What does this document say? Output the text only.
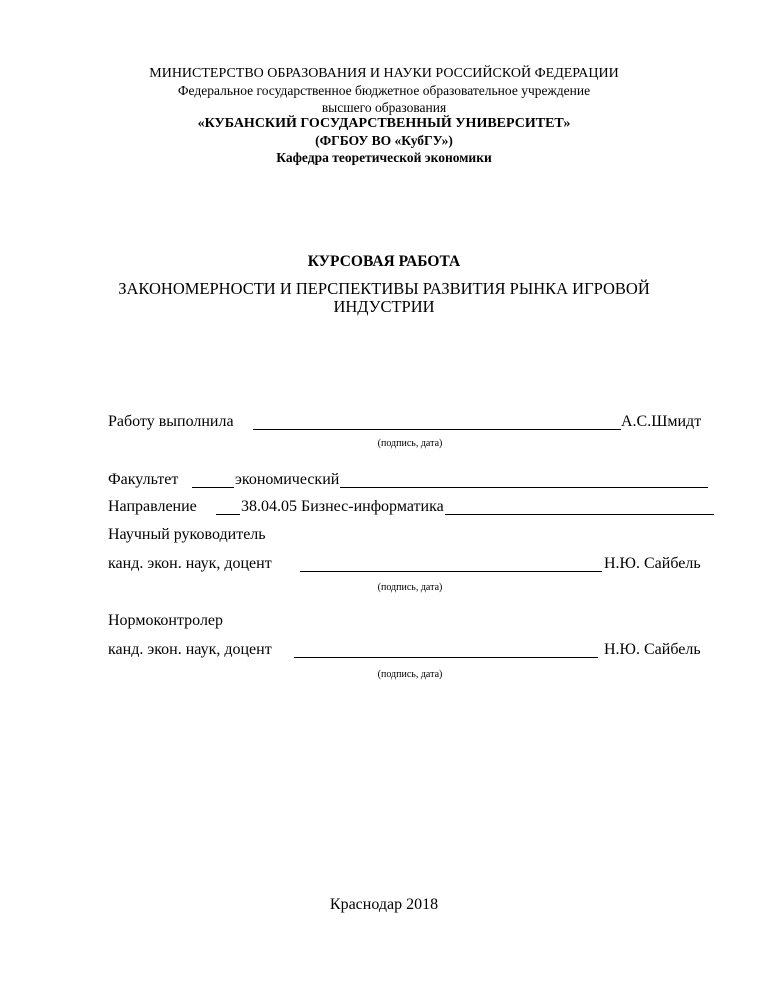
МИНИСТЕРСТВО ОБРАЗОВАНИЯ И НАУКИ РОССИЙСКОЙ ФЕДЕРАЦИИ
Федеральное государственное бюджетное образовательное учреждение
высшего образования
«КУБАНСКИЙ ГОСУДАРСТВЕННЫЙ УНИВЕРСИТЕТ»
(ФГБОУ ВО «КубГУ»)
Кафедра теоретической экономики
КУРСОВАЯ РАБОТА
ЗАКОНОМЕРНОСТИ И ПЕРСПЕКТИВЫ РАЗВИТИЯ РЫНКА ИГРОВОЙ
ИНДУСТРИИ
Работу выполнила	А.С.Шмидт
(подпись, дата)
Факультет	экономический
Направление	38.04.05 Бизнес-информатика
Научный руководитель
канд. экон. наук, доцент	Н.Ю. Сайбель
(подпись, дата)
Нормоконтролер
канд. экон. наук, доцент	Н.Ю. Сайбель
(подпись, дата)
Краснодар 2018
